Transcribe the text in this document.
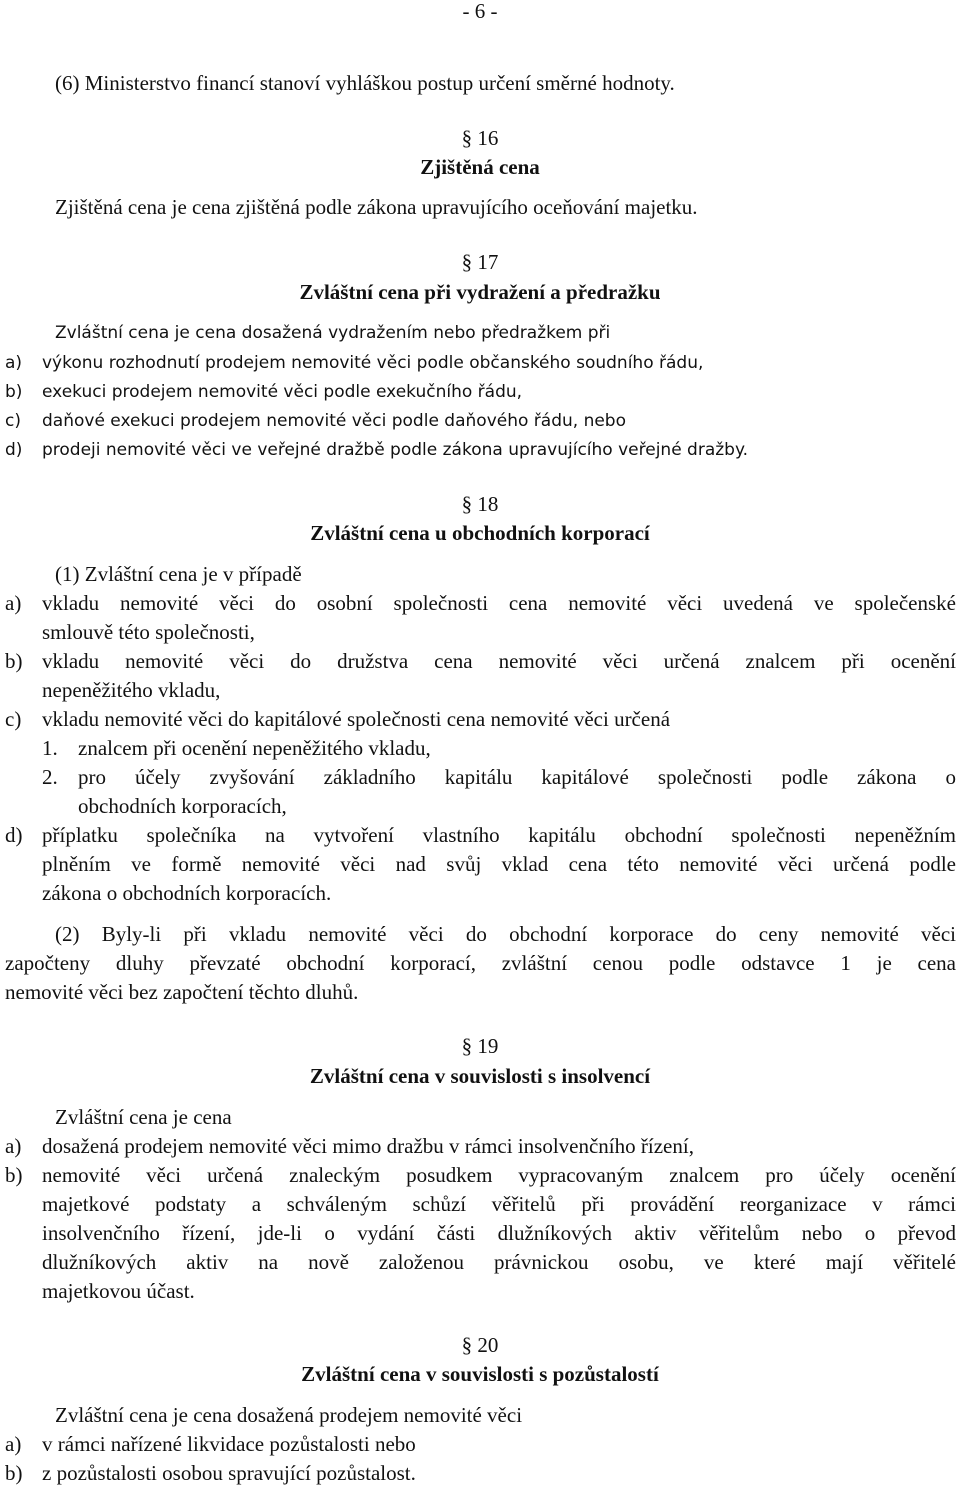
- 6 -
(6) Ministerstvo financí stanoví vyhláškou postup určení směrné hodnoty.
§ 16
Zjištěná cena
Zjištěná cena je cena zjištěná podle zákona upravujícího oceňování majetku.
§ 17
Zvláštní cena při vydražení a předražku
Zvláštní cena je cena dosažená vydražením nebo předražkem při
a) výkonu rozhodnutí prodejem nemovité věci podle občanského soudního řádu,
b) exekuci prodejem nemovité věci podle exekučního řádu,
c) daňové exekuci prodejem nemovité věci podle daňového řádu, nebo
d) prodeji nemovité věci ve veřejné dražbě podle zákona upravujícího veřejné dražby.
§ 18
Zvláštní cena u obchodních korporací
(1) Zvláštní cena je v případě
a) vkladu nemovité věci do osobní společnosti cena nemovité věci uvedená ve společenské
smlouvě této společnosti,
b) vkladu nemovité věci do družstva cena nemovité věci určená znalcem při ocenění
nepeněžitého vkladu,
c) vkladu nemovité věci do kapitálové společnosti cena nemovité věci určená
1. znalcem při ocenění nepeněžitého vkladu,
2. pro účely zvyšování základního kapitálu kapitálové společnosti podle zákona o
obchodních korporacích,
d) příplatku společníka na vytvoření vlastního kapitálu obchodní společnosti nepeněžním
plněním ve formě nemovité věci nad svůj vklad cena této nemovité věci určená podle
zákona o obchodních korporacích.
(2) Byly-li při vkladu nemovité věci do obchodní korporace do ceny nemovité věci
započteny dluhy převzaté obchodní korporací, zvláštní cenou podle odstavce 1 je cena
nemovité věci bez započtení těchto dluhů.
§ 19
Zvláštní cena v souvislosti s insolvencí
Zvláštní cena je cena
a) dosažená prodejem nemovité věci mimo dražbu v rámci insolvenčního řízení,
b) nemovité věci určená znaleckým posudkem vypracovaným znalcem pro účely ocenění
majetkové podstaty a schváleným schůzí věřitelů při provádění reorganizace v rámci
insolvenčního řízení, jde-li o vydání části dlužníkových aktiv věřitelům nebo o převod
dlužníkových aktiv na nově založenou právnickou osobu, ve které mají věřitelé
majetkovou účast.
§ 20
Zvláštní cena v souvislosti s pozůstalostí
Zvláštní cena je cena dosažená prodejem nemovité věci
a) v rámci nařízené likvidace pozůstalosti nebo
b) z pozůstalosti osobou spravující pozůstalost.
